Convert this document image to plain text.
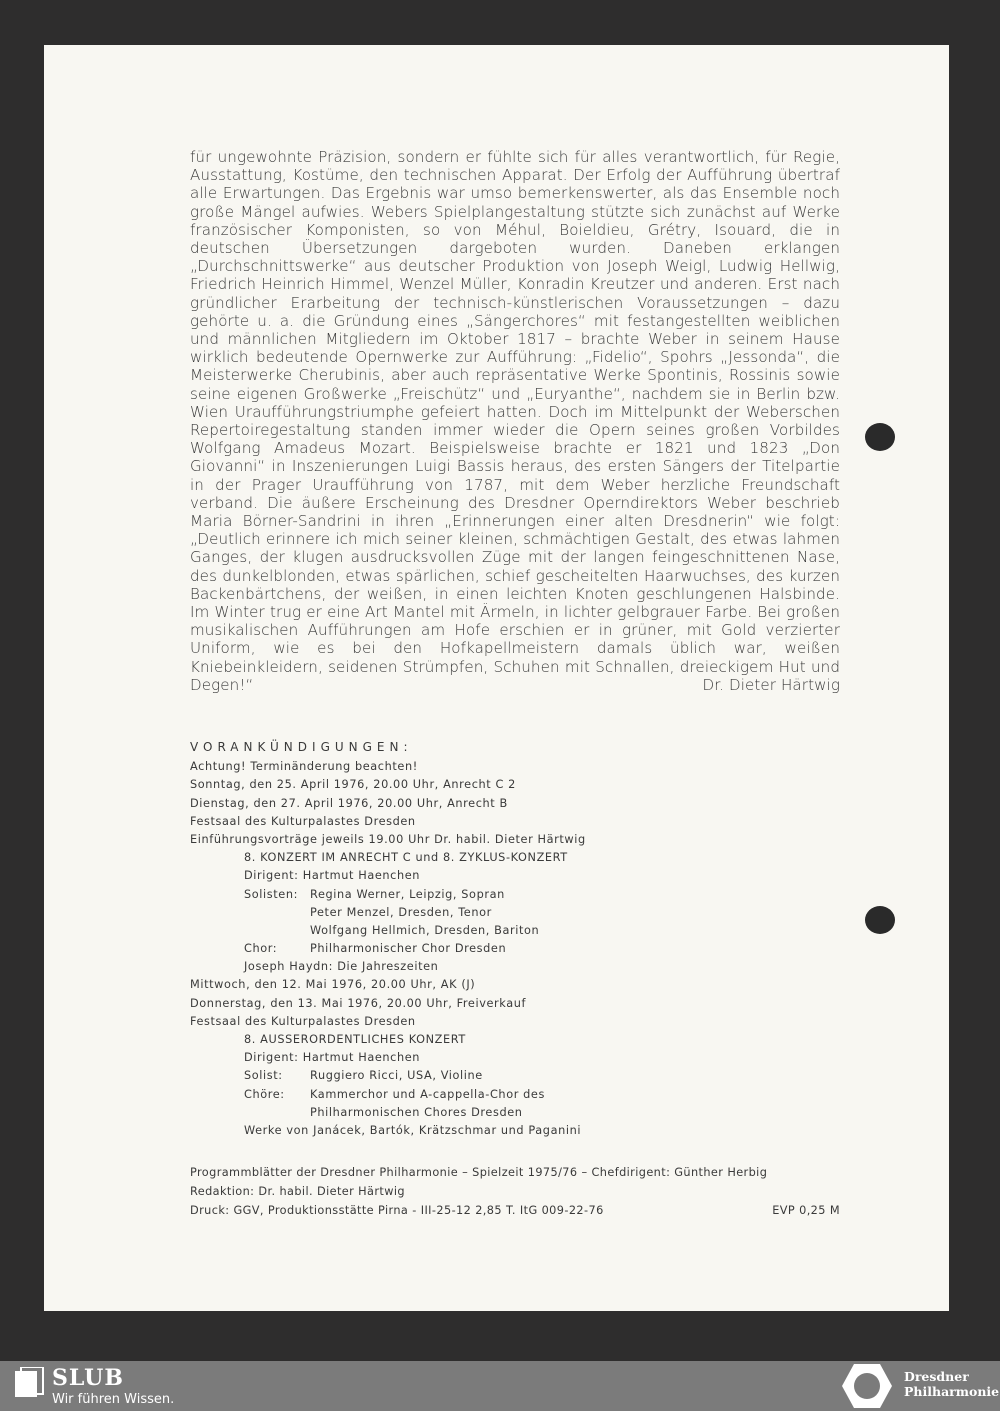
für ungewohnte Präzision, sondern er fühlte sich für alles verantwortlich, für Regie, Ausstattung, Kostüme, den technischen Apparat. Der Erfolg der Aufführung übertraf alle Erwartungen. Das Ergebnis war umso bemerkenswerter, als das Ensemble noch große Mängel aufwies. Webers Spielplangestaltung stützte sich zunächst auf Werke französischer Komponisten, so von Méhul, Boieldieu, Grétry, Isouard, die in deutschen Übersetzungen dargeboten wurden. Daneben erklangen „Durchschnittswerke“ aus deutscher Produktion von Joseph Weigl, Ludwig Hellwig, Friedrich Heinrich Himmel, Wenzel Müller, Konradin Kreutzer und anderen. Erst nach gründlicher Erarbeitung der technisch-künstlerischen Voraussetzungen – dazu gehörte u. a. die Gründung eines „Sängerchores“ mit festangestellten weiblichen und männlichen Mitgliedern im Oktober 1817 – brachte Weber in seinem Hause wirklich bedeutende Opernwerke zur Aufführung: „Fidelio“, Spohrs „Jessonda“, die Meisterwerke Cherubinis, aber auch repräsentative Werke Spontinis, Rossinis sowie seine eigenen Großwerke „Freischütz“ und „Euryanthe“, nachdem sie in Berlin bzw. Wien Uraufführungstriumphe gefeiert hatten. Doch im Mittelpunkt der Weberschen Repertoiregestaltung standen immer wieder die Opern seines großen Vorbildes Wolfgang Amadeus Mozart. Beispielsweise brachte er 1821 und 1823 „Don Giovanni“ in Inszenierungen Luigi Bassis heraus, des ersten Sängers der Titelpartie in der Prager Uraufführung von 1787, mit dem Weber herzliche Freundschaft verband. Die äußere Erscheinung des Dresdner Operndirektors Weber beschrieb Maria Börner-Sandrini in ihren „Erinnerungen einer alten Dresdnerin“ wie folgt: „Deutlich erinnere ich mich seiner kleinen, schmächtigen Gestalt, des etwas lahmen Ganges, der klugen ausdrucksvollen Züge mit der langen feingeschnittenen Nase, des dunkelblonden, etwas spärlichen, schief gescheitelten Haarwuchses, des kurzen Backenbärtchens, der weißen, in einen leichten Knoten geschlungenen Halsbinde. Im Winter trug er eine Art Mantel mit Ärmeln, in lichter gelbgrauer Farbe. Bei großen musikalischen Aufführungen am Hofe erschien er in grüner, mit Gold verzierter Uniform, wie es bei den Hofkapellmeistern damals üblich war, weißen Kniebeinkleidern, seidenen Strümpfen, Schuhen mit Schnallen, dreieckigem Hut und Degen!“	Dr. Dieter Härtwig

VORANKÜNDIGUNGEN:
Achtung! Terminänderung beachten!
Sonntag, den 25. April 1976, 20.00 Uhr, Anrecht C 2
Dienstag, den 27. April 1976, 20.00 Uhr, Anrecht B
Festsaal des Kulturpalastes Dresden
Einführungsvorträge jeweils 19.00 Uhr Dr. habil. Dieter Härtwig
8. KONZERT IM ANRECHT C und 8. ZYKLUS-KONZERT
Dirigent: Hartmut Haenchen
Solisten: Regina Werner, Leipzig, Sopran
Peter Menzel, Dresden, Tenor
Wolfgang Hellmich, Dresden, Bariton
Chor:	Philharmonischer Chor Dresden
Joseph Haydn: Die Jahreszeiten
Mittwoch, den 12. Mai 1976, 20.00 Uhr, AK (J)
Donnerstag, den 13. Mai 1976, 20.00 Uhr, Freiverkauf
Festsaal des Kulturpalastes Dresden
8. AUSSERORDENTLICHES KONZERT
Dirigent: Hartmut Haenchen
Solist: Ruggiero Ricci, USA, Violine
Chöre: Kammerchor und A-cappella-Chor des
Philharmonischen Chores Dresden
Werke von Janácek, Bartók, Krätzschmar und Paganini
Programmblätter der Dresdner Philharmonie – Spielzeit 1975/76 – Chefdirigent: Günther Herbig
Redaktion: Dr. habil. Dieter Härtwig
Druck: GGV, Produktionsstätte Pirna - III-25-12 2,85 T. ItG 009-22-76	EVP 0,25 M
SLUB
Wir führen Wissen.
Dresdner
Philharmonie
